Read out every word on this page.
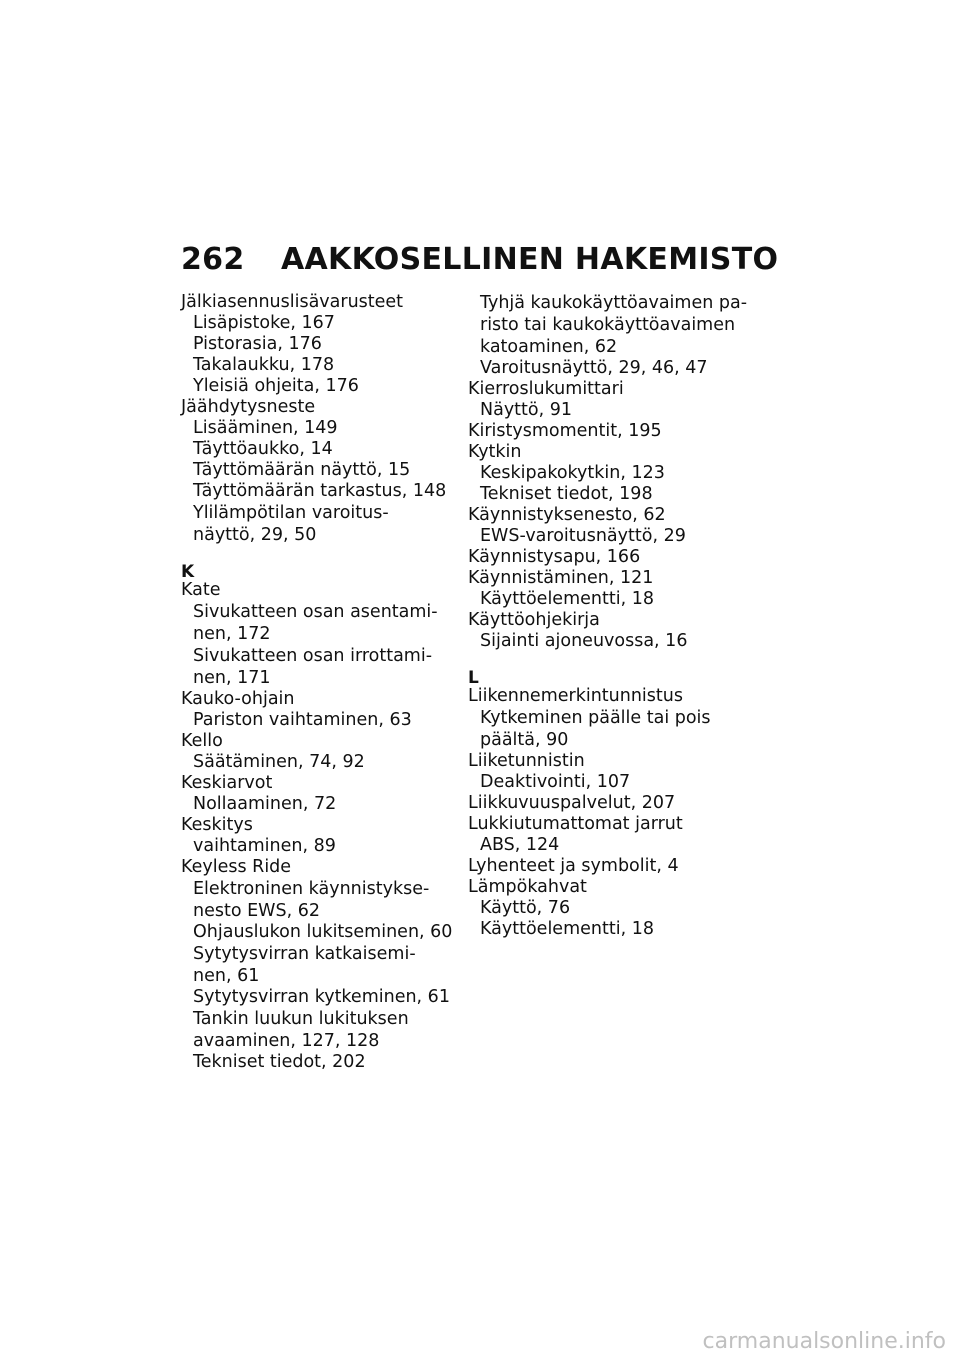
262 AAKKOSELLINEN HAKEMISTO
Jälkiasennuslisävarusteet
Lisäpistoke, 167
Pistorasia, 176
Takalaukku, 178
Yleisiä ohjeita, 176
Jäähdytysneste
Lisääminen, 149
Täyttöaukko, 14
Täyttömäärän näyttö, 15
Täyttömäärän tarkastus, 148
Ylilämpötilan varoitus-
näyttö, 29, 50
K
Kate
Sivukatteen osan asentami-
nen, 172
Sivukatteen osan irrottami-
nen, 171
Kauko-ohjain
Pariston vaihtaminen, 63
Kello
Säätäminen, 74, 92
Keskiarvot
Nollaaminen, 72
Keskitys
vaihtaminen, 89
Keyless Ride
Elektroninen käynnistykse-
nesto EWS, 62
Ohjauslukon lukitseminen, 60
Sytytysvirran katkaisemi-
nen, 61
Sytytysvirran kytkeminen, 61
Tankin luukun lukituksen
avaaminen, 127, 128
Tekniset tiedot, 202
Tyhjä kaukokäyttöavaimen pa-
risto tai kaukokäyttöavaimen
katoaminen, 62
Varoitusnäyttö, 29, 46, 47
Kierroslukumittari
Näyttö, 91
Kiristysmomentit, 195
Kytkin
Keskipakokytkin, 123
Tekniset tiedot, 198
Käynnistyksenesto, 62
EWS-varoitusnäyttö, 29
Käynnistysapu, 166
Käynnistäminen, 121
Käyttöelementti, 18
Käyttöohjekirja
Sijainti ajoneuvossa, 16
L
Liikennemerkintunnistus
Kytkeminen päälle tai pois
päältä, 90
Liiketunnistin
Deaktivointi, 107
Liikkuvuuspalvelut, 207
Lukkiutumattomat jarrut
ABS, 124
Lyhenteet ja symbolit, 4
Lämpökahvat
Käyttö, 76
Käyttöelementti, 18
carmanualsonline.info
